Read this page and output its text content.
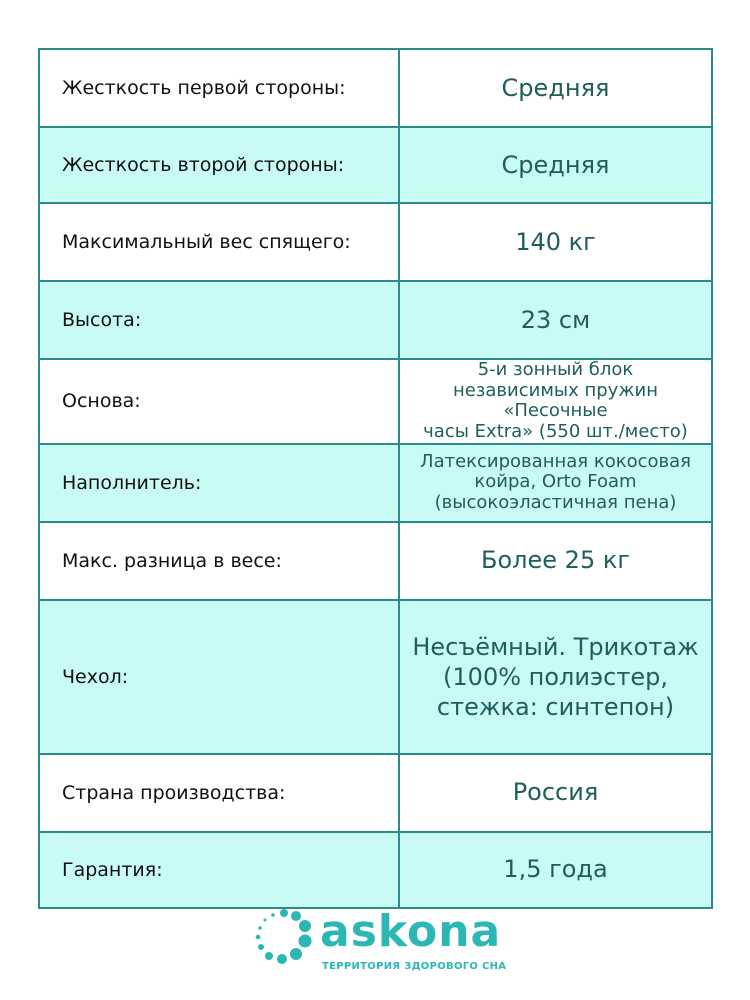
Жесткость первой стороны:	Средняя

Жесткость второй стороны:	Средняя

Максимальный вес спящего:	140 кг

Высота:	23 см

Основа:	5-и зонный блок
независимых пружин «Песочные
часы Extra» (550 шт./место)

Наполнитель:	Латексированная кокосовая
койра, Orto Foam
(высокоэластичная пена)

Макс. разница в весе:	Более 25 кг

Чехол:	Несъёмный. Трикотаж
(100% полиэстер,
стежка: синтепон)

Страна производства:	Россия

Гарантия:	1,5 года
askona
ТЕРРИТОРИЯ ЗДОРОВОГО СНА
